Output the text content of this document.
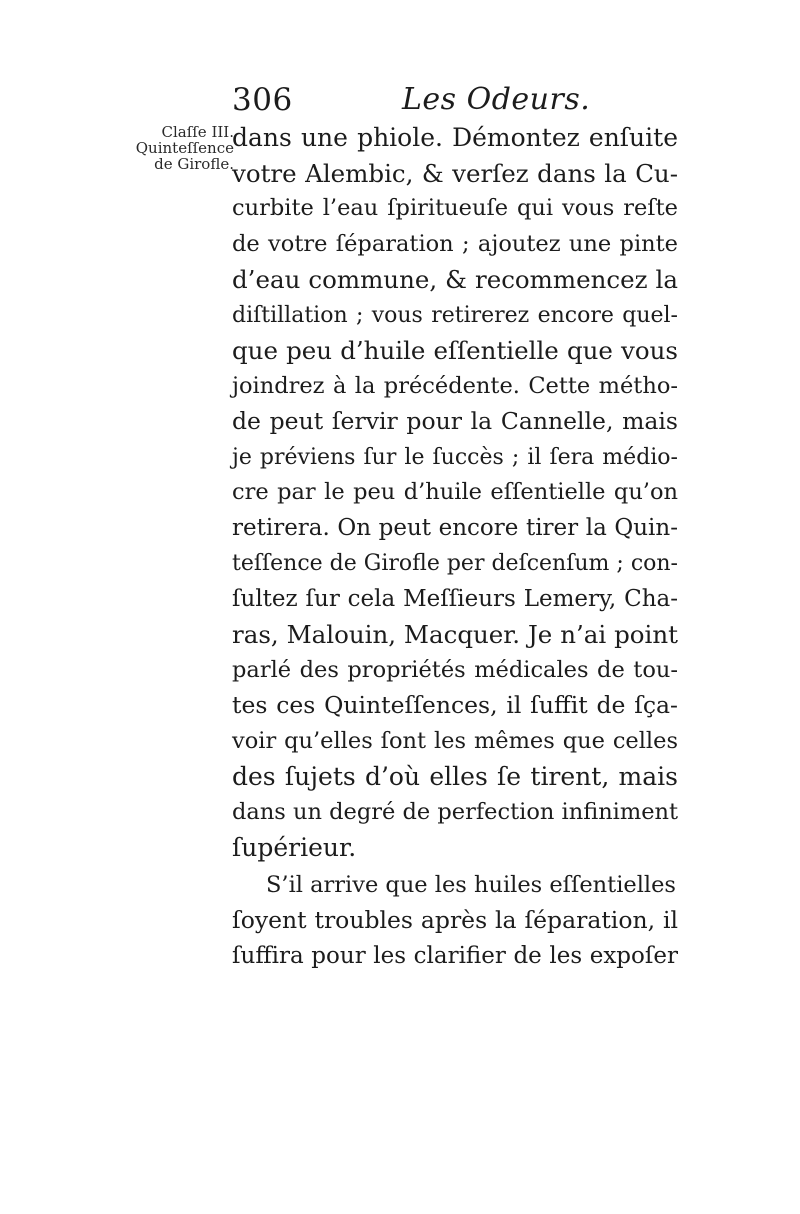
306	Les Odeurs.
Claſſe III.
Quinteſſence
de Girofle.
dans une phiole. Démontez enſuite
votre Alembic, & verſez dans la Cu-
curbite l’eau ſpiritueuſe qui vous reſte
de votre ſéparation ; ajoutez une pinte
d’eau commune, & recommencez la
diſtillation ; vous retirerez encore quel-
que peu d’huile eſſentielle que vous
joindrez à la précédente. Cette métho-
de peut ſervir pour la Cannelle, mais
je préviens ſur le ſuccès ; il ſera médio-
cre par le peu d’huile eſſentielle qu’on
retirera. On peut encore tirer la Quin-
teſſence de Girofle per deſcenſum ; con-
ſultez ſur cela Meſſieurs Lemery, Cha-
ras, Malouin, Macquer. Je n’ai point
parlé des propriétés médicales de tou-
tes ces Quinteſſences, il ſuffit de ſça-
voir qu’elles ſont les mêmes que celles
des ſujets d’où elles ſe tirent, mais
dans un degré de perfection infiniment
ſupérieur.
S’il arrive que les huiles eſſentielles
ſoyent troubles après la ſéparation, il
ſuffira pour les clarifier de les expoſer
